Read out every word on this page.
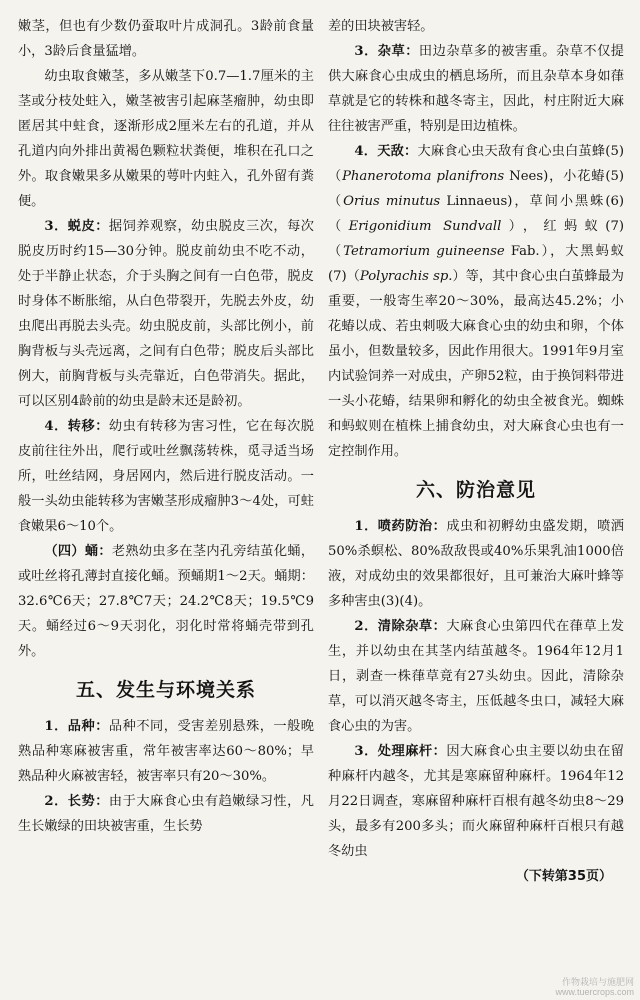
嫩茎，但也有少数仍蚕取叶片成洞孔。3龄前食量小，3龄后食量猛增。

幼虫取食嫩茎，多从嫩茎下0.7—1.7厘米的主茎或分枝处蛀入，嫩茎被害引起麻茎瘤肿，幼虫即匿居其中蛀食，逐渐形成2厘米左右的孔道，并从孔道内向外排出黄褐色颗粒状粪便，堆积在孔口之外。取食嫩果多从嫩果的萼叶内蛀入，孔外留有粪便。

3．蜕皮：据饲养观察，幼虫脱皮三次，每次脱皮历时约15—30分钟。脱皮前幼虫不吃不动，处于半静止状态，介于头胸之间有一白色带，脱皮时身体不断胀缩，从白色带裂开，先脱去外皮，幼虫爬出再脱去头壳。幼虫脱皮前，头部比例小，前胸背板与头壳远离，之间有白色带；脱皮后头部比例大，前胸背板与头壳靠近，白色带消失。据此，可以区别4龄前的幼虫是龄末还是龄初。

4．转移：幼虫有转移为害习性，它在每次脱皮前往往外出，爬行或吐丝飘荡转株，觅寻适当场所，吐丝结网，身居网内，然后进行脱皮活动。一般一头幼虫能转移为害嫩茎形成瘤肿3～4处，可蛀食嫩果6～10个。

（四）蛹：老熟幼虫多在茎内孔旁结茧化蛹，或吐丝将孔薄封直接化蛹。预蛹期1～2天。蛹期：32.6℃6天；27.8℃7天；24.2℃8天；19.5℃9天。蛹经过6～9天羽化，羽化时常将蛹壳带到孔外。

五、发生与环境关系

1．品种：品种不同，受害差别悬殊，一般晚熟品种寒麻被害重，常年被害率达60～80%；早熟品种火麻被害轻，被害率只有20～30%。

2．长势：由于大麻食心虫有趋嫩绿习性，凡生长嫩绿的田块被害重，生长势

差的田块被害轻。

3．杂草：田边杂草多的被害重。杂草不仅提供大麻食心虫成虫的栖息场所，而且杂草本身如葎草就是它的转株和越冬寄主，因此，村庄附近大麻往往被害严重，特别是田边植株。

4．天敌：大麻食心虫天敌有食心虫白茧蜂(5)（Phanerotoma planifrons Nees)，小花蝽(5)（Orius minutus Linnaeus)，草间小黑蛛(6)（Erigonidium Sundvall），红蚂蚁(7)（Tetramorium guineense Fab.），大黑蚂蚁(7)（Polyrachis sp.）等，其中食心虫白茧蜂最为重要，一般寄生率20～30%，最高达45.2%；小花蝽以成、若虫刺吸大麻食心虫的幼虫和卵，个体虽小，但数量较多，因此作用很大。1991年9月室内试验饲养一对成虫，产卵52粒，由于换饲料带进一头小花蝽，结果卵和孵化的幼虫全被食光。蜘蛛和蚂蚁则在植株上捕食幼虫，对大麻食心虫也有一定控制作用。

六、防治意见

1．喷药防治：成虫和初孵幼虫盛发期，喷洒50%杀螟松、80%敌敌畏或40%乐果乳油1000倍液，对成幼虫的效果都很好，且可兼治大麻叶蜂等多种害虫(3)(4)。

2．清除杂草：大麻食心虫第四代在葎草上发生，并以幼虫在其茎内结茧越冬。1964年12月1日，剥查一株葎草竟有27头幼虫。因此，清除杂草，可以消灭越冬寄主，压低越冬虫口，减轻大麻食心虫的为害。

3．处理麻杆：因大麻食心虫主要以幼虫在留种麻杆内越冬，尤其是寒麻留种麻杆。1964年12月22日调查，寒麻留种麻杆百根有越冬幼虫8～29头，最多有200多头；而火麻留种麻杆百根只有越冬幼虫

（下转第35页）
作物栽培与施肥网
www.tuercrops.com
